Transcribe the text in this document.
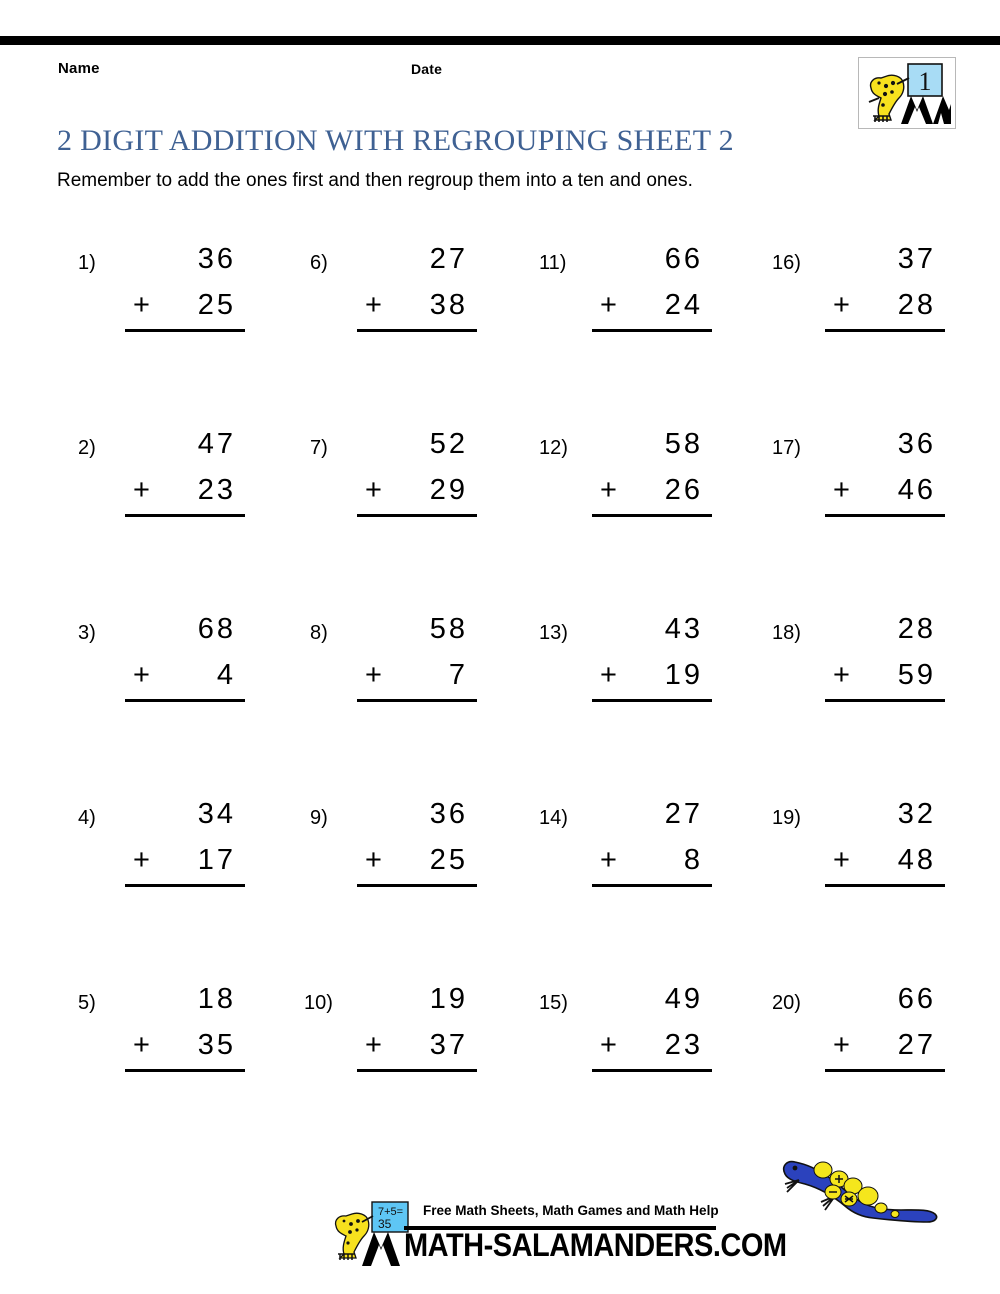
Name	Date	1
2 DIGIT ADDITION WITH REGROUPING SHEET 2
Remember to add the ones first and then regroup them into a ten and ones.
1)	36
+ 25
6)	27
+ 38
11)	66
+ 24
16)	37
+ 28
2)	47
+ 23
7)	52
+ 29
12)	58
+ 26
17)	36
+ 46
3)	68
+ 4
8)	58
+ 7
13)	43
+ 19
18)	28
+ 59
4)	34
+ 17
9)	36
+ 25
14)	27
+ 8
19)	32
+ 48
5)	18
+ 35
10)	19
+ 37
15)	49
+ 23
20)	66
+ 27
7+5=
35
Free Math Sheets, Math Games and Math Help
MATH-SALAMANDERS.COM
